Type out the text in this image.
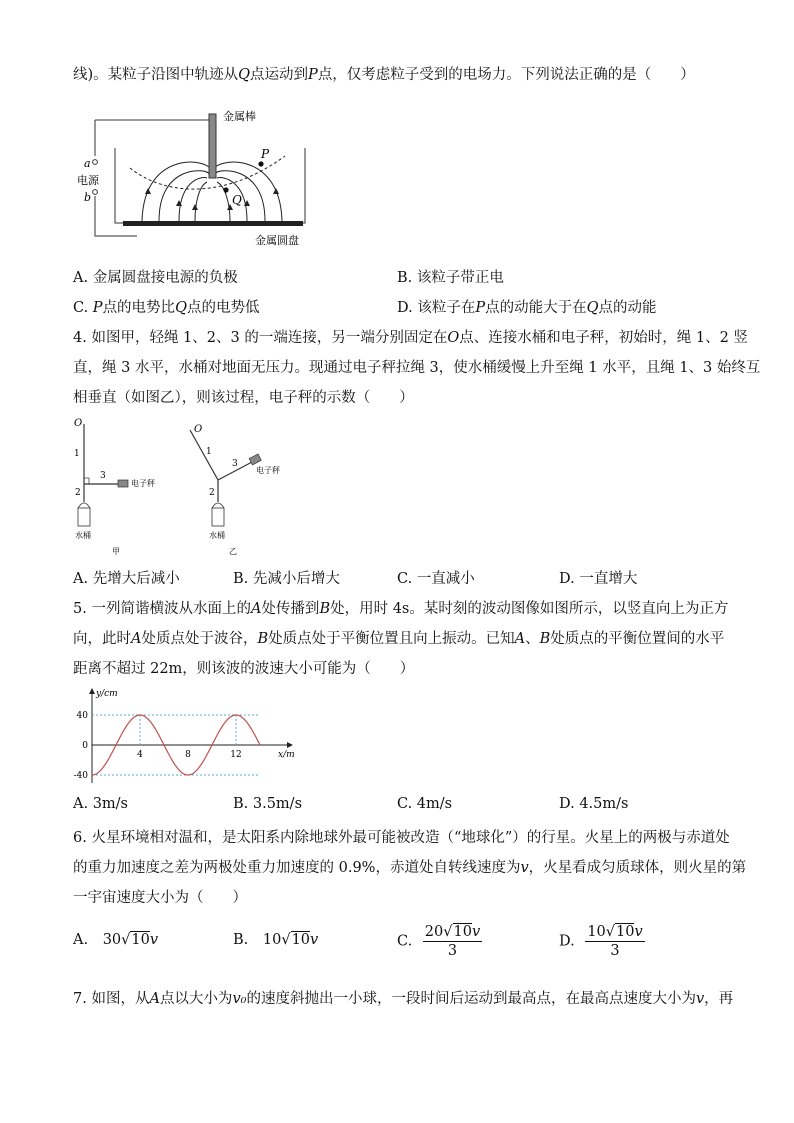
线)。某粒子沿图中轨迹从Q点运动到P点，仅考虑粒子受到的电场力。下列说法正确的是（　　）
a
b
电源
金属圆盘
金属棒
P
Q
A. 金属圆盘接电源的负极	B. 该粒子带正电
C. P点的电势比Q点的电势低	D. 该粒子在P点的动能大于在Q点的动能
4. 如图甲，轻绳 1、2、3 的一端连接，另一端分别固定在O点、连接水桶和电子秤，初始时，绳 1、2 竖
直，绳 3 水平，水桶对地面无压力。现通过电子秤拉绳 3，使水桶缓慢上升至绳 1 水平，且绳 1、3 始终互
相垂直（如图乙），则该过程，电子秤的示数（　　）
O
1
3
电子秤
2
水桶
甲
O
1
3
电子秤
2
水桶
乙
A. 先增大后减小	B. 先减小后增大	C. 一直减小	D. 一直增大
5. 一列简谐横波从水面上的A处传播到B处，用时 4s。某时刻的波动图像如图所示，以竖直向上为正方
向，此时A处质点处于波谷，B处质点处于平衡位置且向上振动。已知A、B处质点的平衡位置间的水平
距离不超过 22m，则该波的波速大小可能为（　　）
y/cm
x/m
40
0
-40
4	8	12
A. 3m/s	B. 3.5m/s	C. 4m/s	D. 4.5m/s
6. 火星环境相对温和，是太阳系内除地球外最可能被改造（“地球化”）的行星。火星上的两极与赤道处
的重力加速度之差为两极处重力加速度的 0.9%，赤道处自转线速度为v，火星看成匀质球体，则火星的第
一宇宙速度大小为（　　）
A. 30√10v	B. 10√10v	C. $\frac{20√10v}{3}$	D. $\frac{10√10v}{3}$
7. 如图，从A点以大小为v₀的速度斜抛出一小球，一段时间后运动到最高点，在最高点速度大小为v，再
